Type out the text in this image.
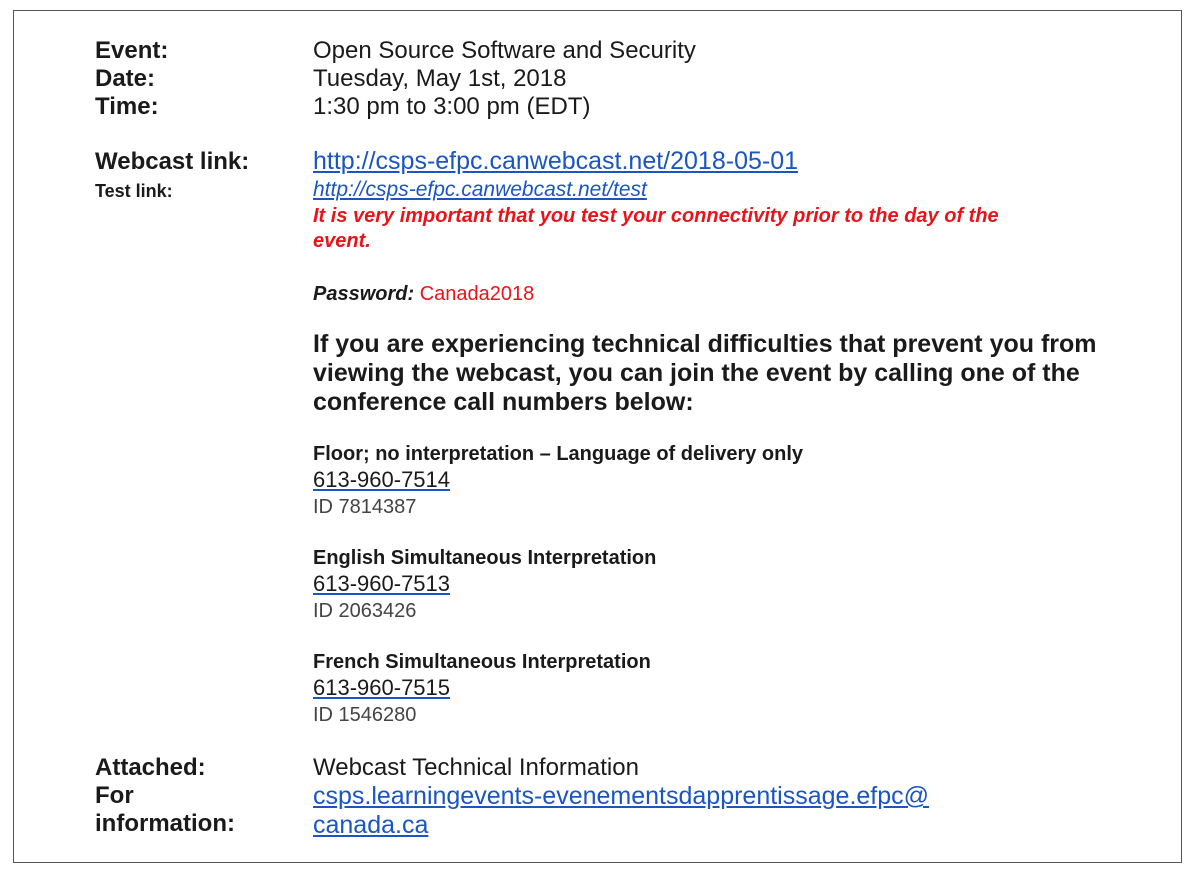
Event:
Date:
Time:
Webcast link:
Test link:
Attached:
For
information:
Open Source Software and Security
Tuesday, May 1st, 2018
1:30 pm to 3:00 pm (EDT)
http://csps-efpc.canwebcast.net/2018-05-01
http://csps-efpc.canwebcast.net/test
It is very important that you test your connectivity prior to the day of the
event.
Password: Canada2018
If you are experiencing technical difficulties that prevent you from
viewing the webcast, you can join the event by calling one of the
conference call numbers below:
Floor; no interpretation – Language of delivery only
613-960-7514
ID 7814387
English Simultaneous Interpretation
613-960-7513
ID 2063426
French Simultaneous Interpretation
613-960-7515
ID 1546280
Webcast Technical Information
csps.learningevents-evenementsdapprentissage.efpc@
canada.ca
